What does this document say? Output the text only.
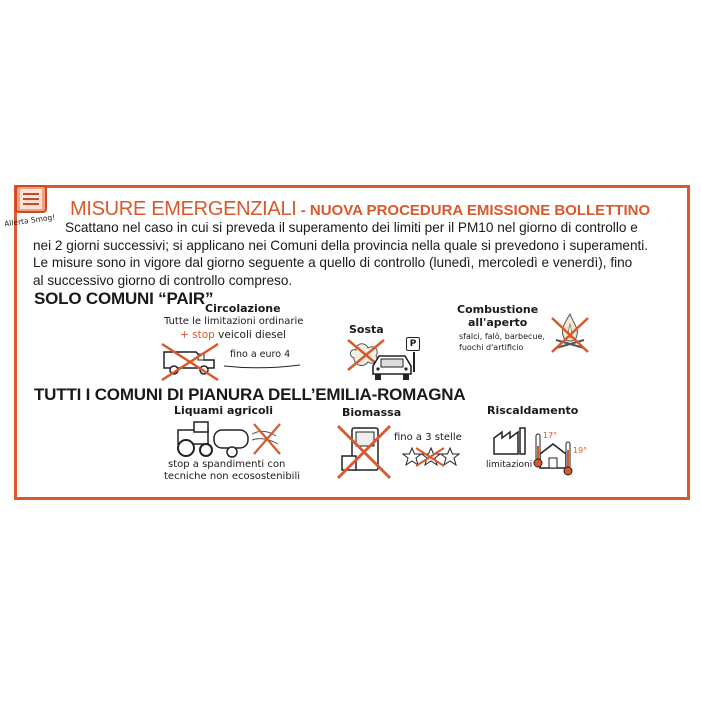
Allerta Smog!
MISURE EMERGENZIALI - NUOVA PROCEDURA EMISSIONE BOLLETTINO
Scattano nel caso in cui si preveda il superamento dei limiti per il PM10 nel giorno di controllo e
nei 2 giorni successivi; si applicano nei Comuni della provincia nella quale si prevedono i superamenti.
Le misure sono in vigore dal giorno seguente a quello di controllo (lunedì, mercoledì e venerdì), fino
al successivo giorno di controllo compreso.
SOLO COMUNI “PAIR”
Circolazione
Tutte le limitazioni ordinarie
+ stop veicoli diesel
fino a euro 4
Sosta
P
Combustione
all'aperto
sfalci, falò, barbecue,
fuochi d'artificio
TUTTI I COMUNI DI PIANURA DELL’EMILIA-ROMAGNA
Liquami agricoli
stop a spandimenti con
tecniche non ecosostenibili
Biomassa
fino a 3 stelle
Riscaldamento
limitazioni
17°
19°
